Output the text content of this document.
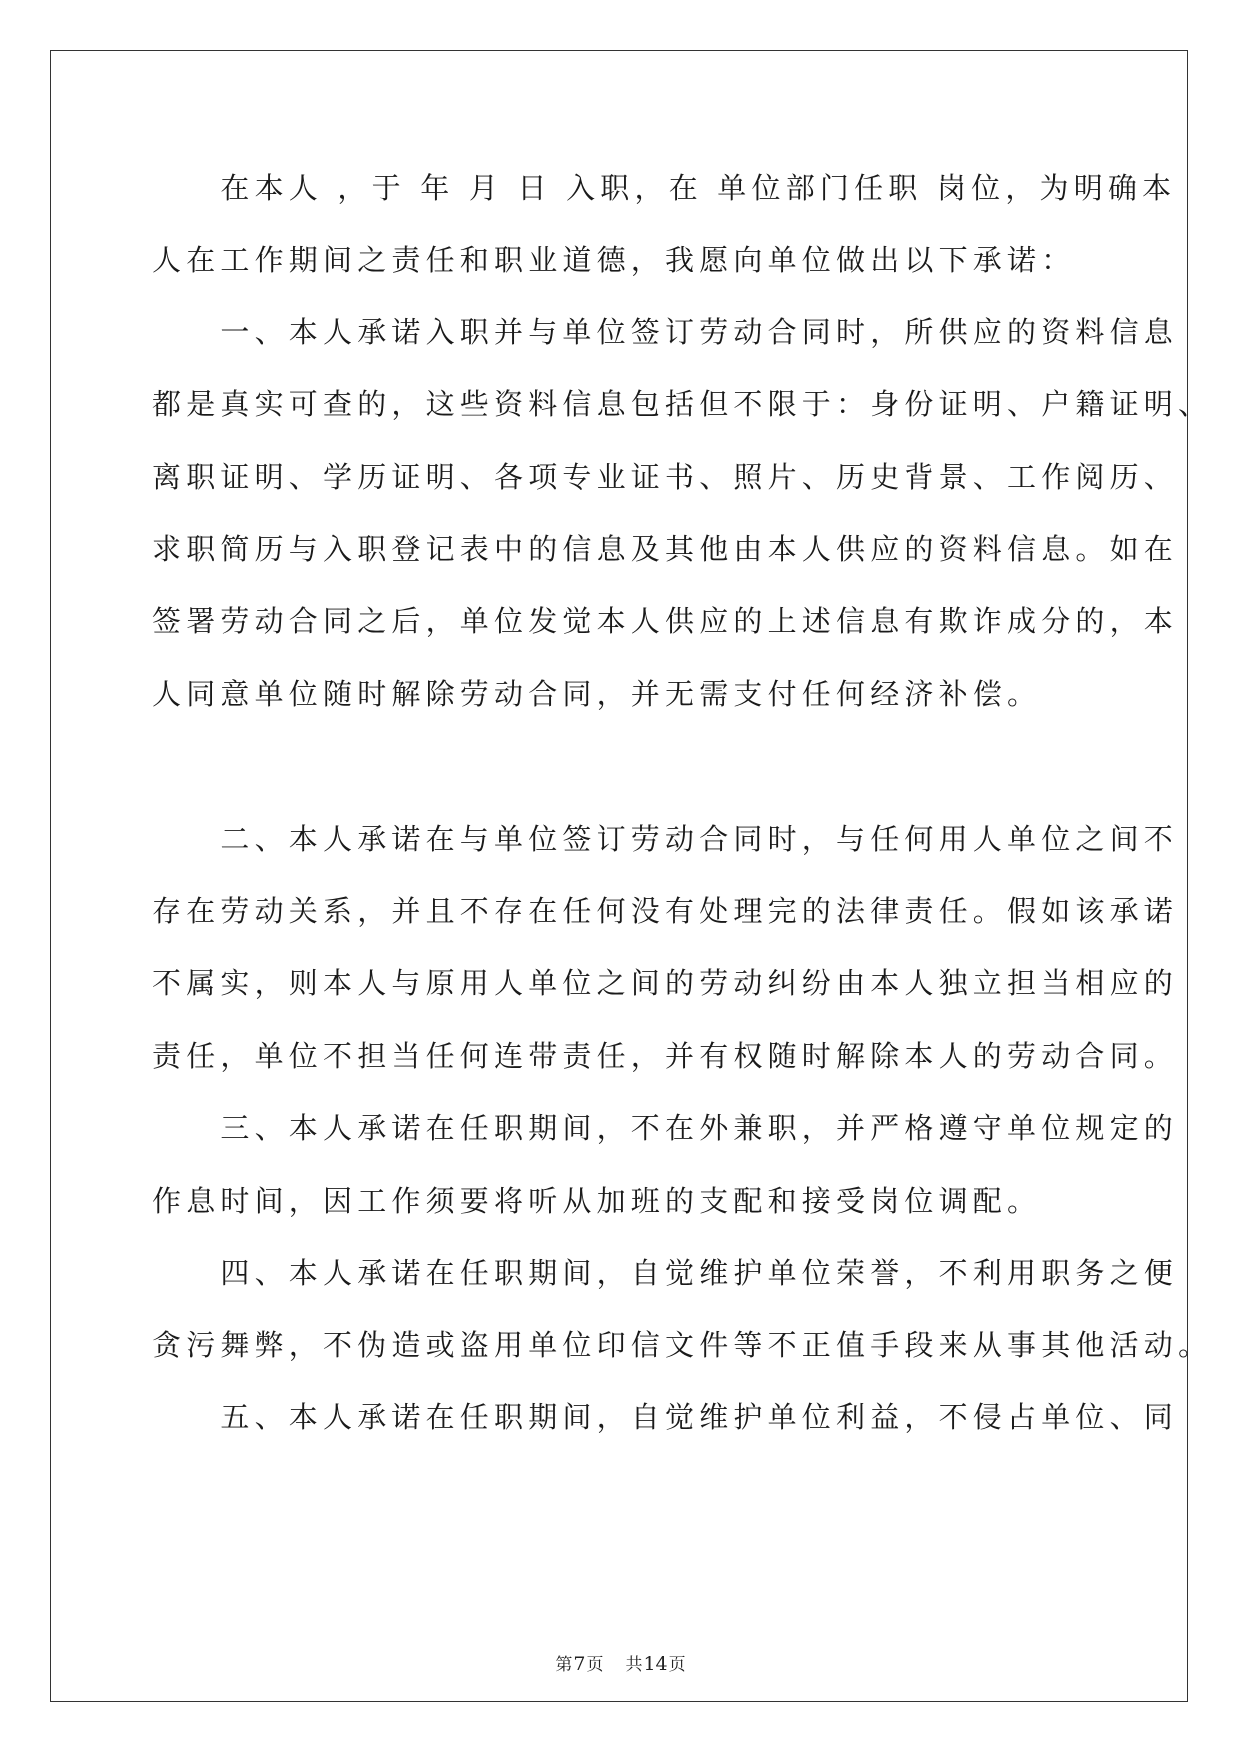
　　在本人 ，于 年 月 日 入职，在 单位部门任职 岗位，为明确本
人在工作期间之责任和职业道德，我愿向单位做出以下承诺：
　　一、本人承诺入职并与单位签订劳动合同时，所供应的资料信息
都是真实可查的，这些资料信息包括但不限于：身份证明、户籍证明、
离职证明、学历证明、各项专业证书、照片、历史背景、工作阅历、
求职简历与入职登记表中的信息及其他由本人供应的资料信息。如在
签署劳动合同之后，单位发觉本人供应的上述信息有欺诈成分的，本
人同意单位随时解除劳动合同，并无需支付任何经济补偿。
　　二、本人承诺在与单位签订劳动合同时，与任何用人单位之间不
存在劳动关系，并且不存在任何没有处理完的法律责任。假如该承诺
不属实，则本人与原用人单位之间的劳动纠纷由本人独立担当相应的
责任，单位不担当任何连带责任，并有权随时解除本人的劳动合同。
　　三、本人承诺在任职期间，不在外兼职，并严格遵守单位规定的
作息时间，因工作须要将听从加班的支配和接受岗位调配。
　　四、本人承诺在任职期间，自觉维护单位荣誉，不利用职务之便
贪污舞弊，不伪造或盗用单位印信文件等不正值手段来从事其他活动。
　　五、本人承诺在任职期间，自觉维护单位利益，不侵占单位、同
第7页 共14页
